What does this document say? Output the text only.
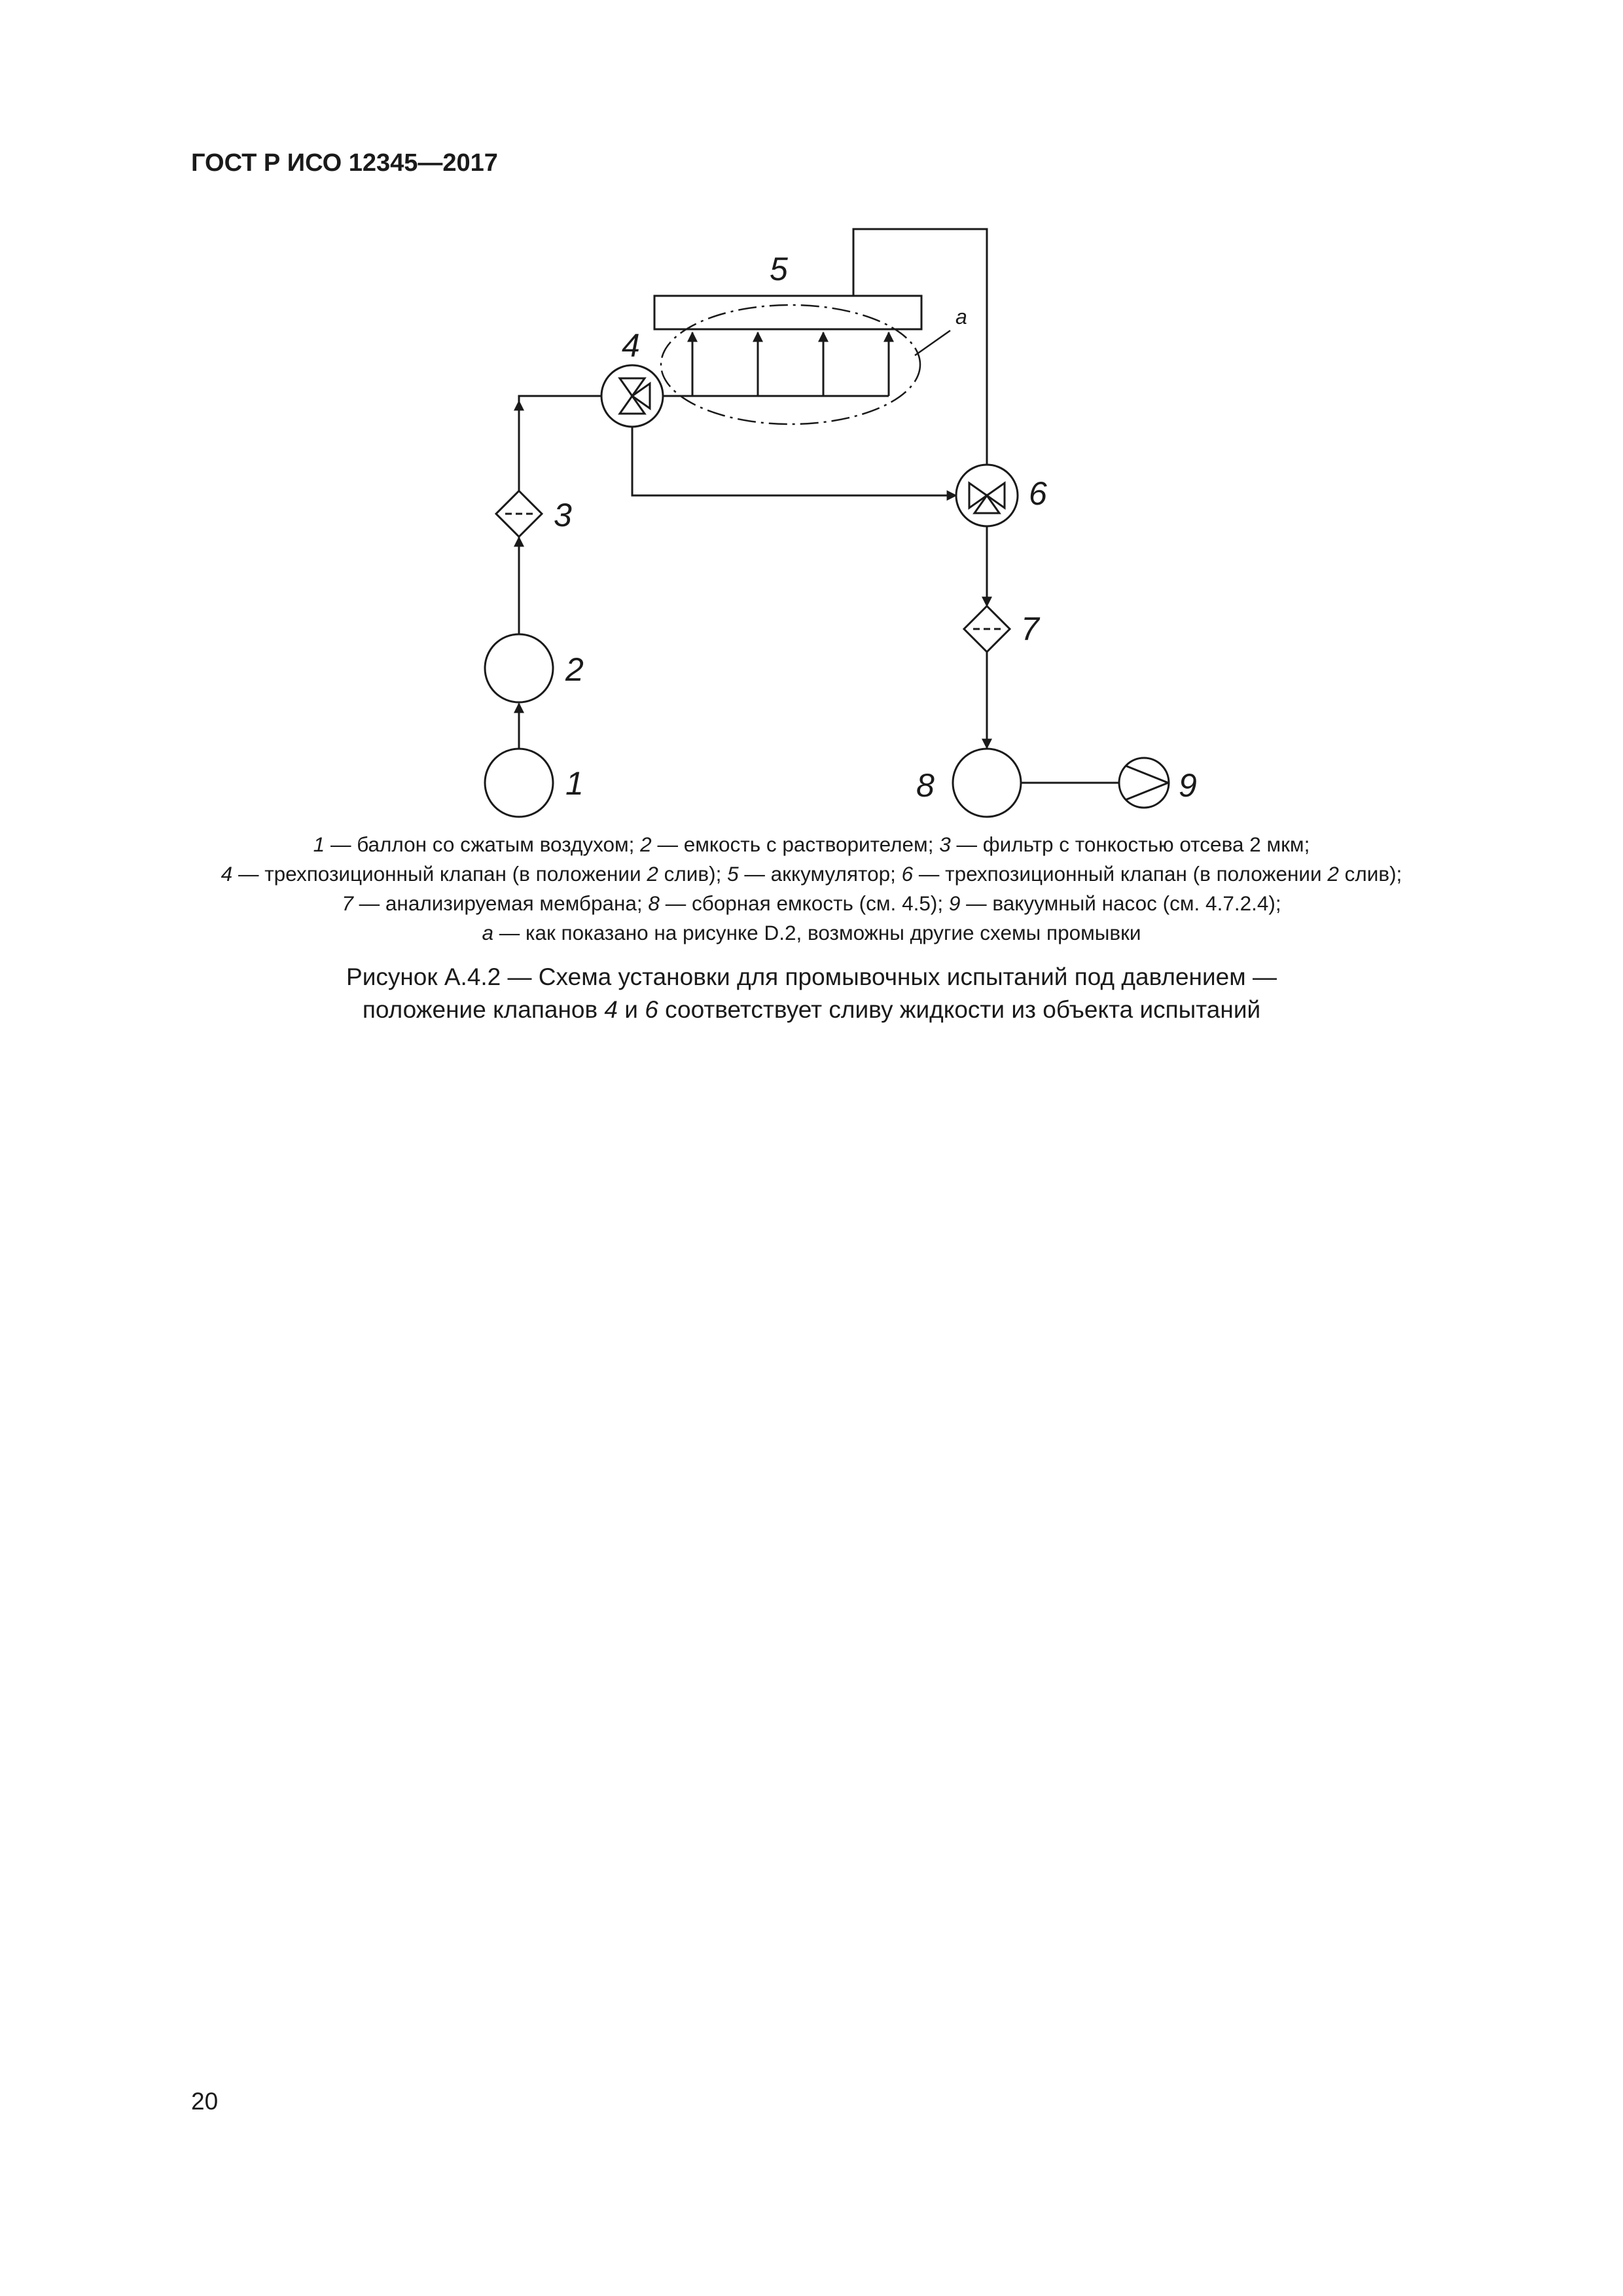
ГОСТ Р ИСО 12345—2017
1
2
3
4
5
6
7
8	9
a
1 — баллон со сжатым воздухом; 2 — емкость с растворителем; 3 — фильтр с тонкостью отсева 2 мкм;
4 — трехпозиционный клапан (в положении 2 слив); 5 — аккумулятор; 6 — трехпозиционный клапан (в положении 2 слив);
7 — анализируемая мембрана; 8 — сборная емкость (см. 4.5); 9 — вакуумный насос (см. 4.7.2.4);
a — как показано на рисунке D.2, возможны другие схемы промывки
Рисунок А.4.2 — Схема установки для промывочных испытаний под давлением —
положение клапанов 4 и 6 соответствует сливу жидкости из объекта испытаний
20
